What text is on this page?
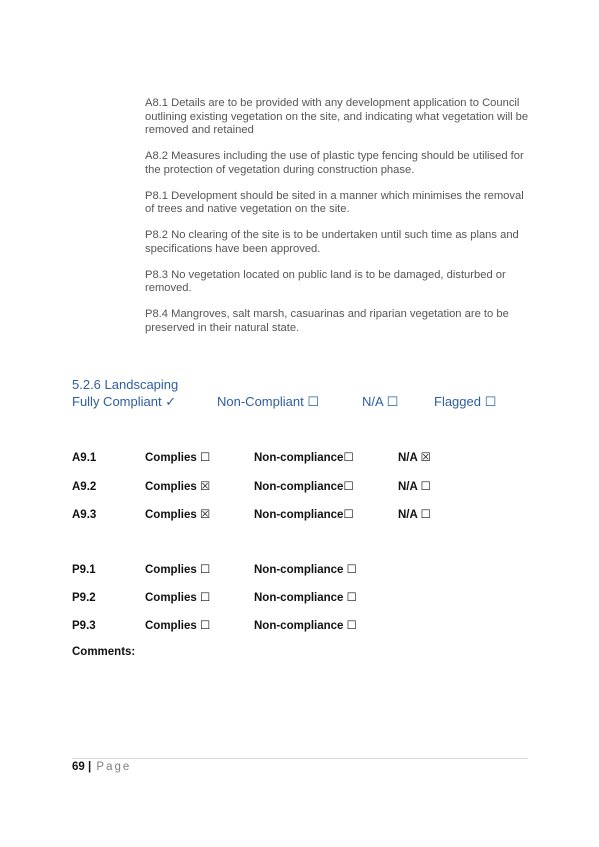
A8.1 Details are to be provided with any development application to Council outlining existing vegetation on the site, and indicating what vegetation will be removed and retained

A8.2 Measures including the use of plastic type fencing should be utilised for the protection of vegetation during construction phase.

P8.1 Development should be sited in a manner which minimises the removal of trees and native vegetation on the site.

P8.2 No clearing of the site is to be undertaken until such time as plans and specifications have been approved.

P8.3 No vegetation located on public land is to be damaged, disturbed or removed.

P8.4 Mangroves, salt marsh, casuarinas and riparian vegetation are to be preserved in their natural state.

5.2.6 Landscaping
Fully Compliant ✓	Non-Compliant ☐	N/A ☐	Flagged ☐
A9.1	Complies ☐	Non-compliance☐	N/A ☒
A9.2	Complies ☒	Non-compliance☐	N/A ☐
A9.3	Complies ☒	Non-compliance☐	N/A ☐
P9.1	Complies ☐	Non-compliance ☐
P9.2	Complies ☐	Non-compliance ☐
P9.3	Complies ☐	Non-compliance ☐
Comments:
69 | Page
